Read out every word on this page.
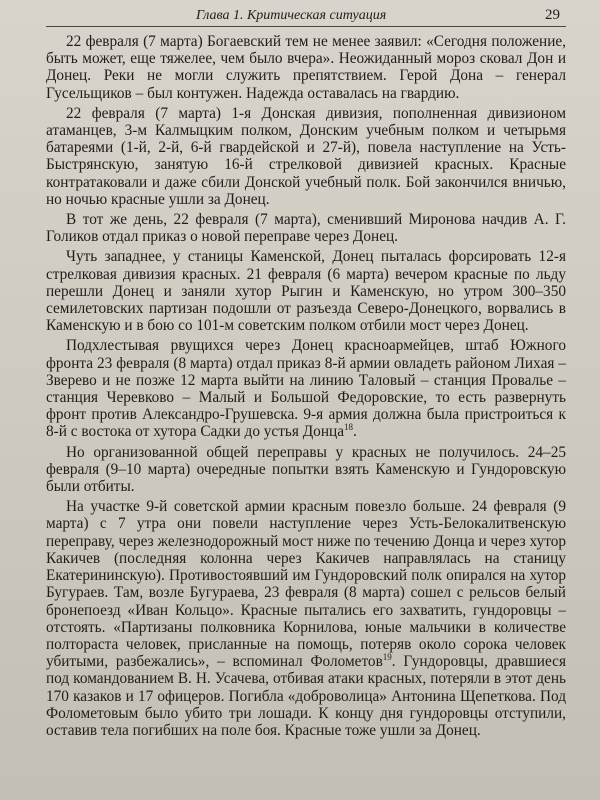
Глава 1. Критическая ситуация	29

22 февраля (7 марта) Богаевский тем не менее заявил: «Сегодня положение, быть может, еще тяжелее, чем было вчера». Неожиданный мороз сковал Дон и Донец. Реки не могли служить препятствием. Герой Дона – генерал Гусельщиков – был контужен. Надежда оставалась на гвардию.

22 февраля (7 марта) 1-я Донская дивизия, пополненная дивизионом атаманцев, 3-м Калмыцким полком, Донским учебным полком и четырьмя батареями (1-й, 2-й, 6-й гвардейской и 27-й), повела наступление на Усть-Быстрянскую, занятую 16-й стрелковой дивизией красных. Красные контратаковали и даже сбили Донской учебный полк. Бой закончился вничью, но ночью красные ушли за Донец.

В тот же день, 22 февраля (7 марта), сменивший Миронова начдив А. Г. Голиков отдал приказ о новой переправе через Донец.

Чуть западнее, у станицы Каменской, Донец пыталась форсировать 12-я стрелковая дивизия красных. 21 февраля (6 марта) вечером красные по льду перешли Донец и заняли хутор Рыгин и Каменскую, но утром 300–350 семилетовских партизан подошли от разъезда Северо-Донецкого, ворвались в Каменскую и в бою со 101-м советским полком отбили мост через Донец.

Подхлестывая рвущихся через Донец красноармейцев, штаб Южного фронта 23 февраля (8 марта) отдал приказ 8-й армии овладеть районом Лихая – Зверево и не позже 12 марта выйти на линию Таловый – станция Провалье – станция Черевково – Малый и Большой Федоровские, то есть развернуть фронт против Александро-Грушевска. 9-я армия должна была пристроиться к 8-й с востока от хутора Садки до устья Донца$^{18}$.

Но организованной общей переправы у красных не получилось. 24–25 февраля (9–10 марта) очередные попытки взять Каменскую и Гундоровскую были отбиты.

На участке 9-й советской армии красным повезло больше. 24 февраля (9 марта) с 7 утра они повели наступление через Усть-Белокалитвенскую переправу, через железнодорожный мост ниже по течению Донца и через хутор Какичев (последняя колонна через Какичев направлялась на станицу Екатерининскую). Противостоявший им Гундоровский полк опирался на хутор Бугураев. Там, возле Бугураева, 23 февраля (8 марта) сошел с рельсов белый бронепоезд «Иван Кольцо». Красные пытались его захватить, гундоровцы – отстоять. «Партизаны полковника Корнилова, юные мальчики в количестве полтораста человек, присланные на помощь, потеряв около сорока человек убитыми, разбежались», – вспоминал Фолометов$^{19}$. Гундоровцы, дравшиеся под командованием В. Н. Усачева, отбивая атаки красных, потеряли в этот день 170 казаков и 17 офицеров. Погибла «доброволица» Антонина Щепеткова. Под Фолометовым было убито три лошади. К концу дня гундоровцы отступили, оставив тела погибших на поле боя. Красные тоже ушли за Донец.
